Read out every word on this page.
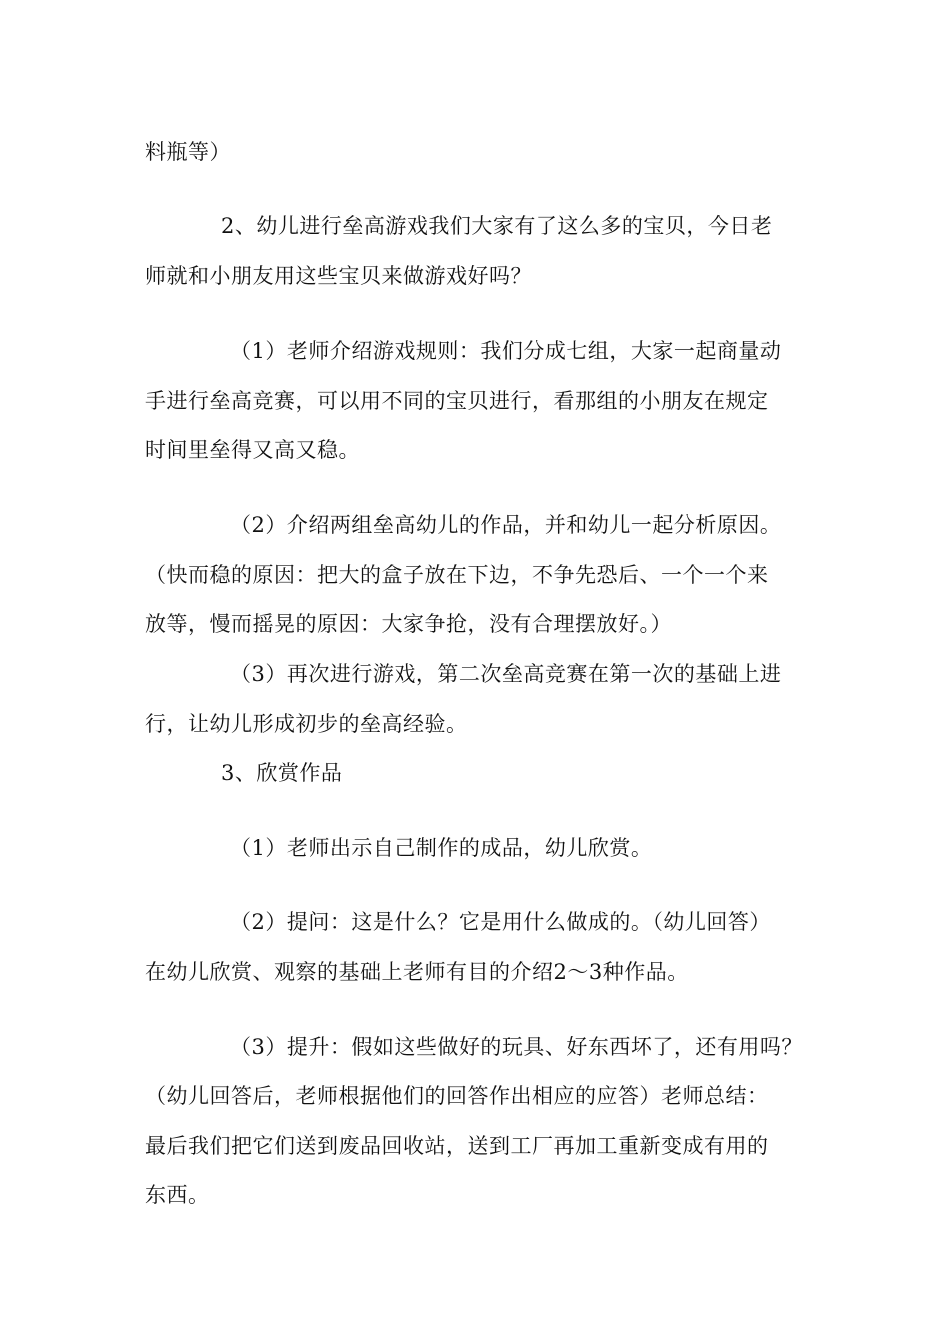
料瓶等）
2、幼儿进行垒高游戏我们大家有了这么多的宝贝，今日老
师就和小朋友用这些宝贝来做游戏好吗？
（1）老师介绍游戏规则：我们分成七组，大家一起商量动
手进行垒高竞赛，可以用不同的宝贝进行，看那组的小朋友在规定
时间里垒得又高又稳。
（2）介绍两组垒高幼儿的作品，并和幼儿一起分析原因。
（快而稳的原因：把大的盒子放在下边，不争先恐后、一个一个来
放等，慢而摇晃的原因：大家争抢，没有合理摆放好。）
（3）再次进行游戏，第二次垒高竞赛在第一次的基础上进
行，让幼儿形成初步的垒高经验。
3、欣赏作品
（1）老师出示自己制作的成品，幼儿欣赏。
（2）提问：这是什么？它是用什么做成的。（幼儿回答）
在幼儿欣赏、观察的基础上老师有目的介绍2～3种作品。
（3）提升：假如这些做好的玩具、好东西坏了，还有用吗？
（幼儿回答后，老师根据他们的回答作出相应的应答）老师总结：
最后我们把它们送到废品回收站，送到工厂再加工重新变成有用的
东西。
